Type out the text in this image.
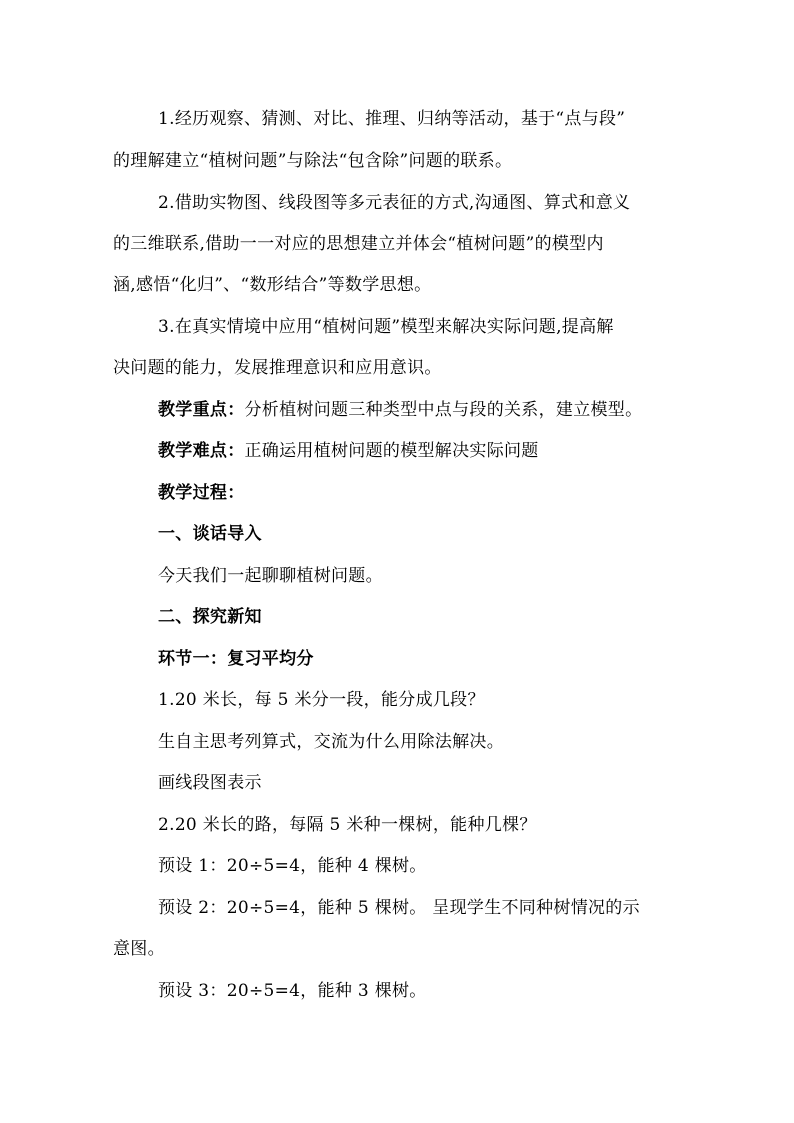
1.经历观察、猜测、对比、推理、归纳等活动，基于“点与段”
的理解建立“植树问题”与除法“包含除”问题的联系。
2.借助实物图、线段图等多元表征的方式,沟通图、算式和意义
的三维联系,借助一一对应的思想建立并体会“植树问题”的模型内
涵,感悟“化归”、“数形结合”等数学思想。
3.在真实情境中应用“植树问题”模型来解决实际问题,提高解
决问题的能力，发展推理意识和应用意识。
教学重点：分析植树问题三种类型中点与段的关系，建立模型。
教学难点：正确运用植树问题的模型解决实际问题
教学过程：
一、谈话导入
今天我们一起聊聊植树问题。
二、探究新知
环节一：复习平均分
1.20 米长，每 5 米分一段，能分成几段？
生自主思考列算式，交流为什么用除法解决。
画线段图表示
2.20 米长的路，每隔 5 米种一棵树，能种几棵？
预设 1：20÷5=4，能种 4 棵树。
预设 2：20÷5=4，能种 5 棵树。 呈现学生不同种树情况的示
意图。
预设 3：20÷5=4，能种 3 棵树。
